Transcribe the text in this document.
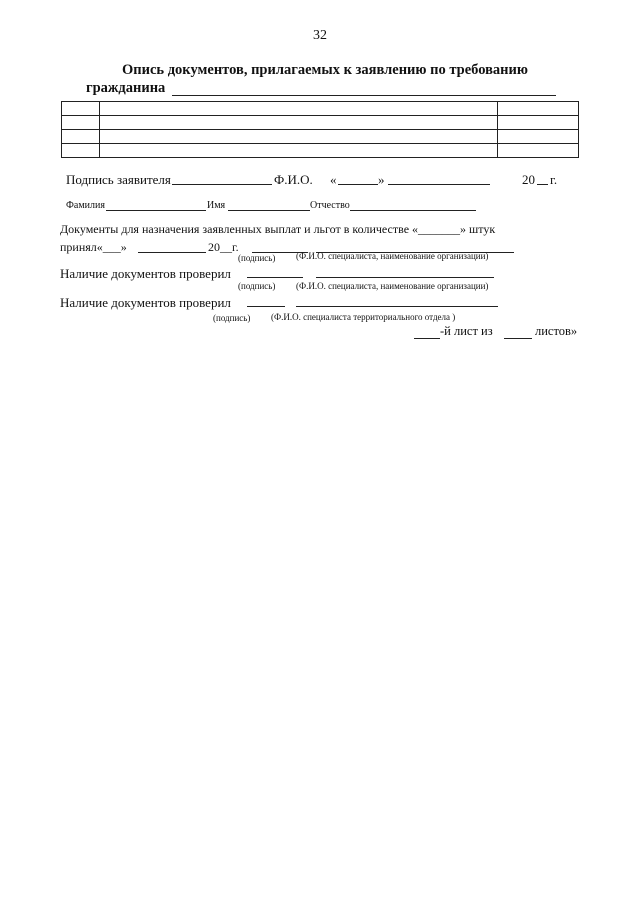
32
Опись документов, прилагаемых к заявлению по требованию
гражданина
Подпись заявителя	Ф.И.О. «	»	20 г.
Фамилия	Имя	Отчество
Документы для назначения заявленных выплат и льгот в количестве «_______» штук
принял«___»	20__г.
(подпись) (Ф.И.О. специалиста, наименование организации)
Наличие документов проверил
(подпись) (Ф.И.О. специалиста, наименование организации)
Наличие документов проверил
(подпись) (Ф.И.О. специалиста территориального отдела )
-й лист из	листов»
